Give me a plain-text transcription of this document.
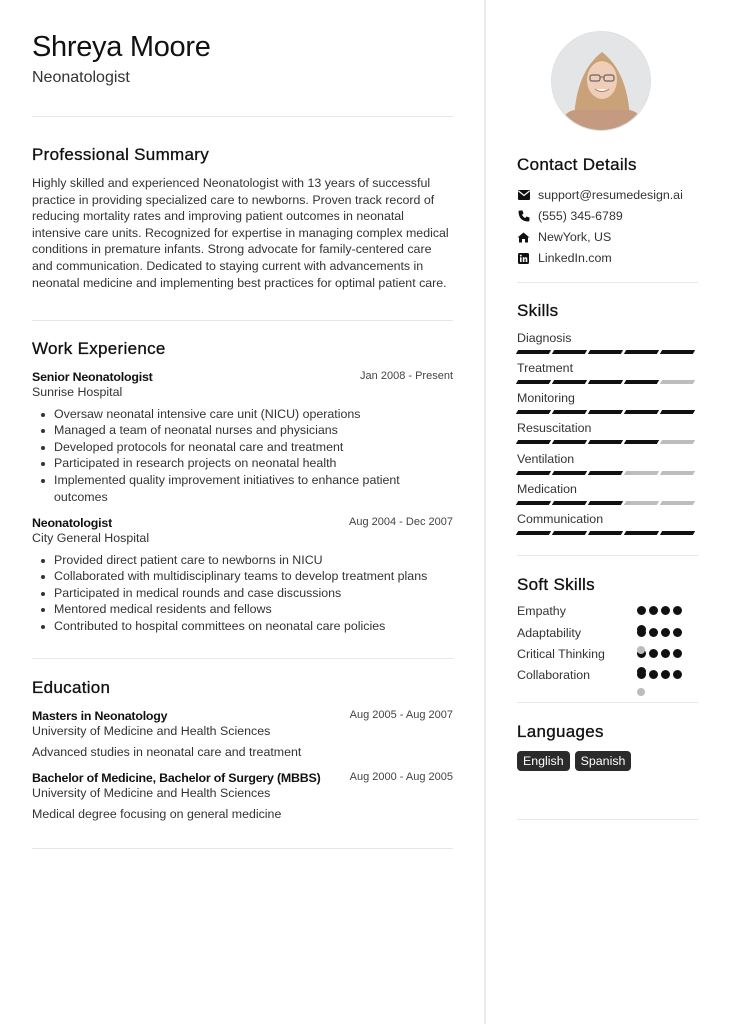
Shreya Moore
Neonatologist
Professional Summary
Highly skilled and experienced Neonatologist with 13 years of successful practice in providing specialized care to newborns. Proven track record of reducing mortality rates and improving patient outcomes in neonatal intensive care units. Recognized for expertise in managing complex medical conditions in premature infants. Strong advocate for family-centered care and communication. Dedicated to staying current with advancements in neonatal medicine and implementing best practices for optimal patient care.
Work Experience
Senior Neonatologist	Jan 2008 - Present
Sunrise Hospital
Oversaw neonatal intensive care unit (NICU) operations
Managed a team of neonatal nurses and physicians
Developed protocols for neonatal care and treatment
Participated in research projects on neonatal health
Implemented quality improvement initiatives to enhance patient outcomes
Neonatologist	Aug 2004 - Dec 2007
City General Hospital
Provided direct patient care to newborns in NICU
Collaborated with multidisciplinary teams to develop treatment plans
Participated in medical rounds and case discussions
Mentored medical residents and fellows
Contributed to hospital committees on neonatal care policies
Education
Masters in Neonatology	Aug 2005 - Aug 2007
University of Medicine and Health Sciences
Advanced studies in neonatal care and treatment
Bachelor of Medicine, Bachelor of Surgery (MBBS)	Aug 2000 - Aug 2005
University of Medicine and Health Sciences
Medical degree focusing on general medicine
Contact Details
support@resumedesign.ai
(555) 345-6789
NewYork, US
LinkedIn.com
Skills
Diagnosis
Treatment
Monitoring
Resuscitation
Ventilation
Medication
Communication
Soft Skills
Empathy
Adaptability
Critical Thinking
Collaboration
Languages
English	Spanish
